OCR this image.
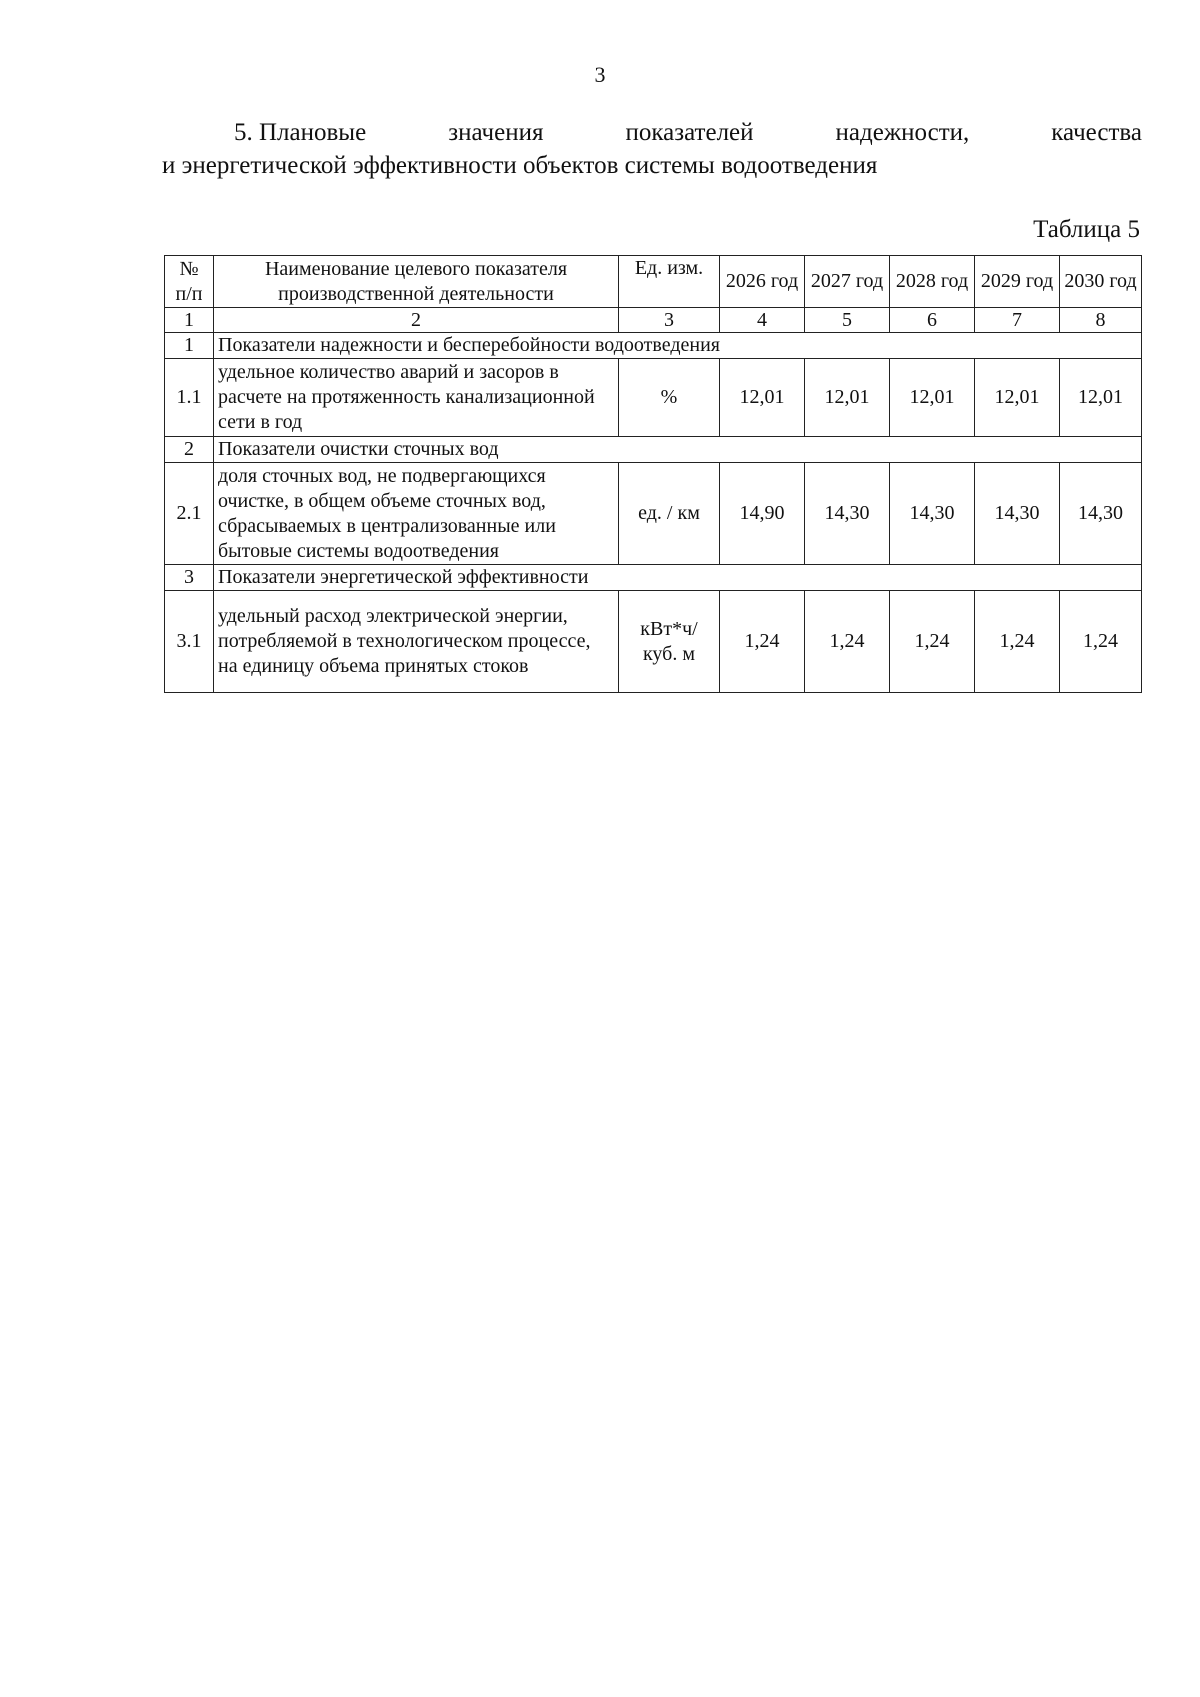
3
5. Плановые	значения	показателей	надежности,	качества
и энергетической эффективности объектов системы водоотведения
Таблица 5
№ п/п	Наименование целевого показателя производственной деятельности	Ед. изм.	2026 год	2027 год	2028 год	2029 год	2030 год
1	2	3	4	5	6	7	8
1	Показатели надежности и бесперебойности водоотведения						
1.1	удельное количество аварий и засоров в расчете на протяженность канализационной сети в год	%	12,01	12,01	12,01	12,01	12,01
2	Показатели очистки сточных вод						
2.1	доля сточных вод, не подвергающихся очистке, в общем объеме сточных вод, сбрасываемых в централизованные или бытовые системы водоотведения	ед. / км	14,90	14,30	14,30	14,30	14,30
3	Показатели энергетической эффективности						
3.1	удельный расход электрической энергии, потребляемой в технологическом процессе, на единицу объема принятых стоков	кВт*ч/ куб. м	1,24	1,24	1,24	1,24	1,24
